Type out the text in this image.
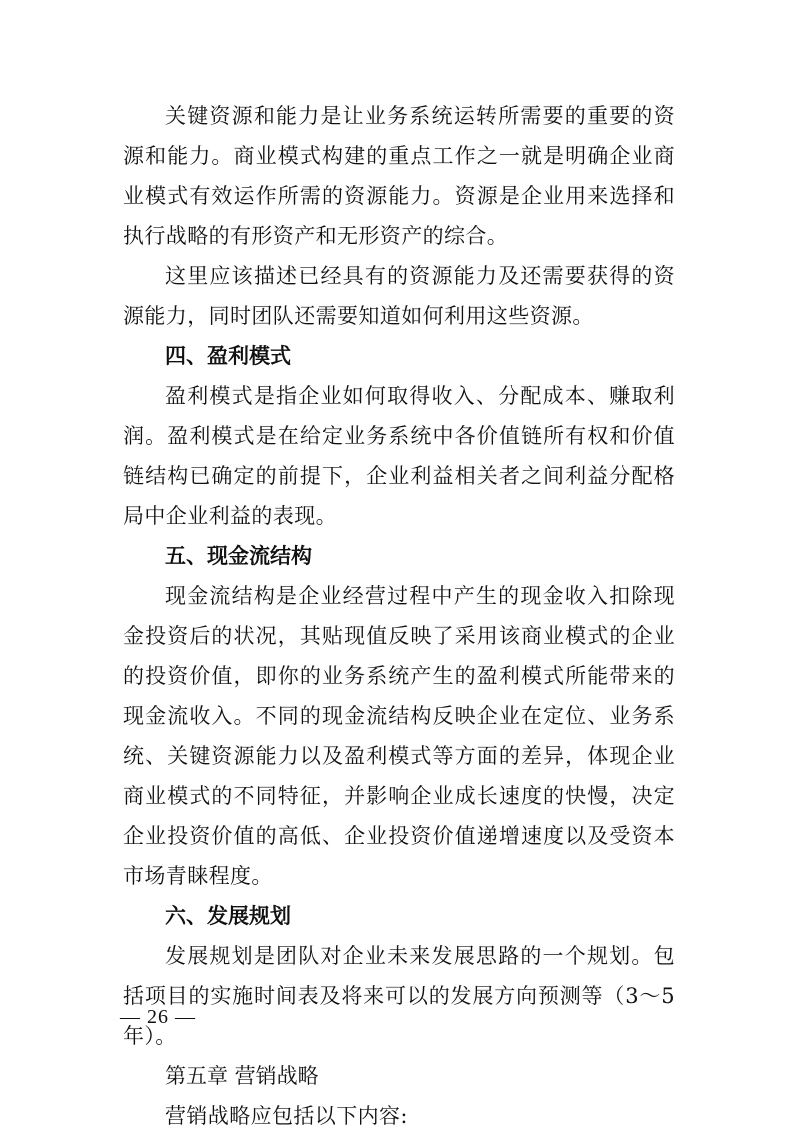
关键资源和能力是让业务系统运转所需要的重要的资源和能力。商业模式构建的重点工作之一就是明确企业商业模式有效运作所需的资源能力。资源是企业用来选择和执行战略的有形资产和无形资产的综合。

这里应该描述已经具有的资源能力及还需要获得的资源能力，同时团队还需要知道如何利用这些资源。

四、盈利模式

盈利模式是指企业如何取得收入、分配成本、赚取利润。盈利模式是在给定业务系统中各价值链所有权和价值链结构已确定的前提下，企业利益相关者之间利益分配格局中企业利益的表现。

五、现金流结构

现金流结构是企业经营过程中产生的现金收入扣除现金投资后的状况，其贴现值反映了采用该商业模式的企业的投资价值，即你的业务系统产生的盈利模式所能带来的现金流收入。不同的现金流结构反映企业在定位、业务系统、关键资源能力以及盈利模式等方面的差异，体现企业商业模式的不同特征，并影响企业成长速度的快慢，决定企业投资价值的高低、企业投资价值递增速度以及受资本市场青睐程度。

六、发展规划

发展规划是团队对企业未来发展思路的一个规划。包括项目的实施时间表及将来可以的发展方向预测等（3～5年）。

第五章 营销战略

营销战略应包括以下内容:

— 26 —
